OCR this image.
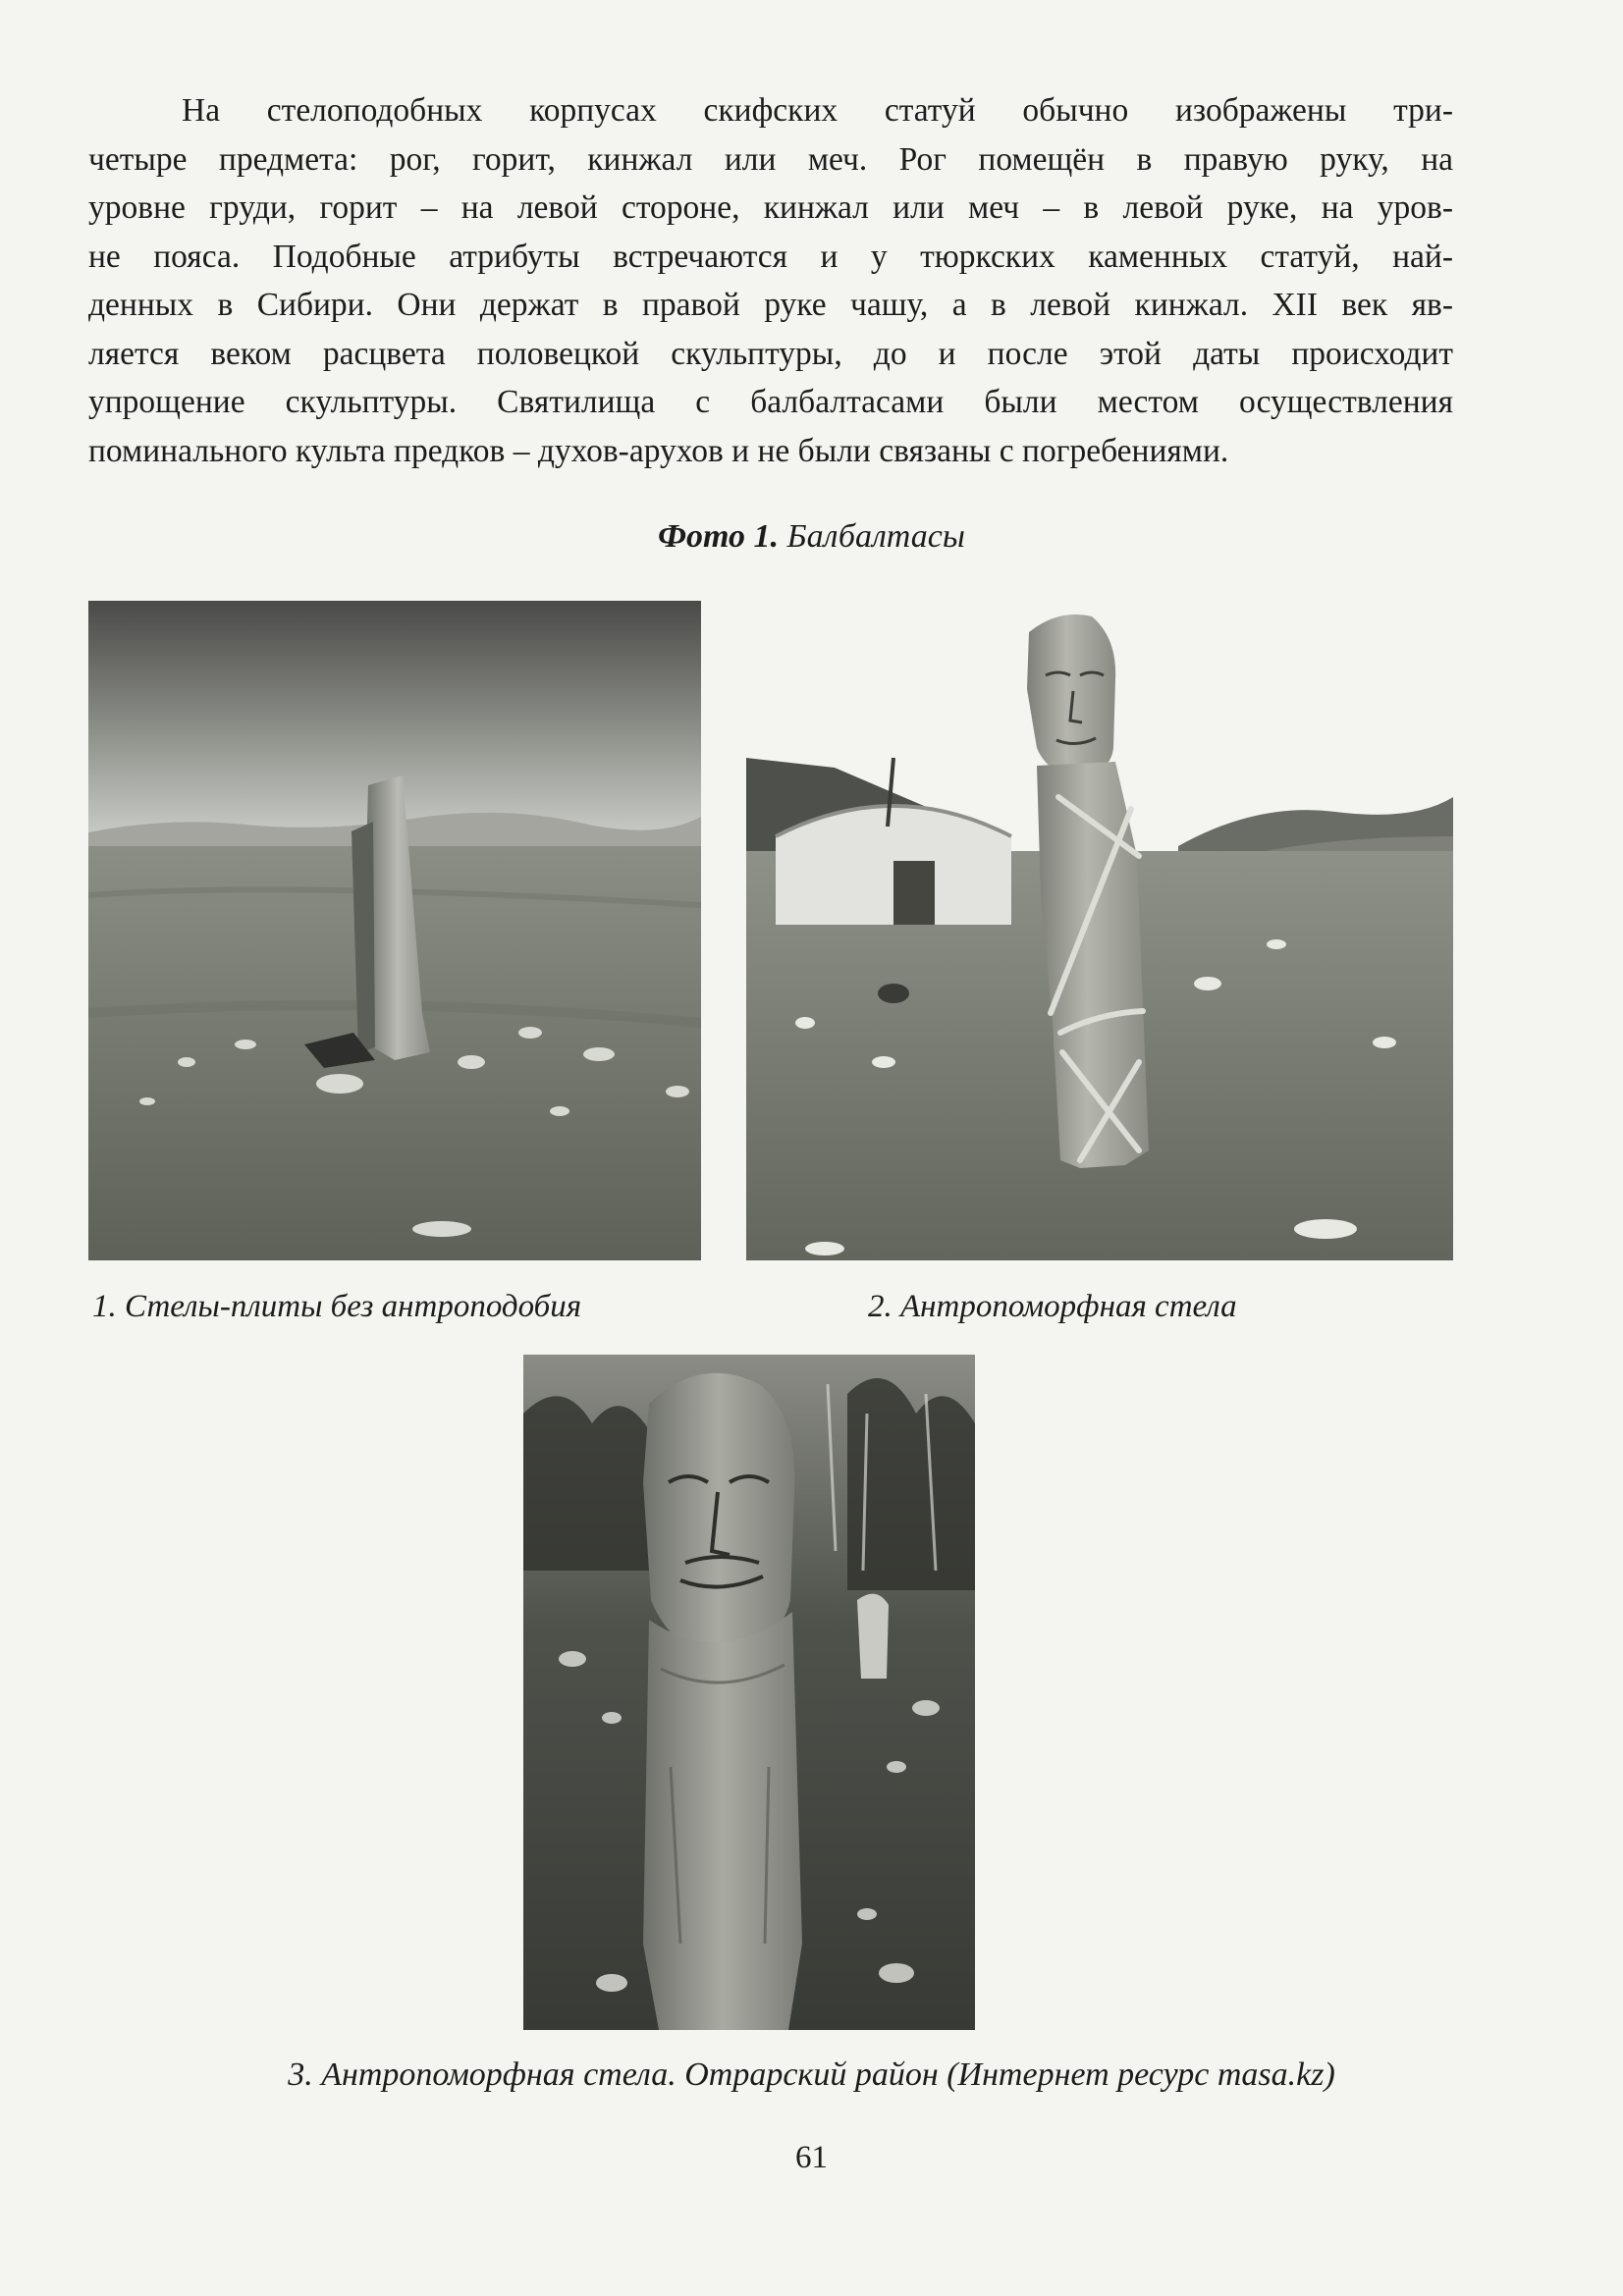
На стелоподобных корпусах скифских статуй обычно изображены три-
четыре предмета: рог, горит, кинжал или меч. Рог помещён в правую руку, на
уровне груди, горит – на левой стороне, кинжал или меч – в левой руке, на уров-
не пояса. Подобные атрибуты встречаются и у тюркских каменных статуй, най-
денных в Сибири. Они держат в правой руке чашу, а в левой кинжал. XII век яв-
ляется веком расцвета половецкой скульптуры, до и после этой даты происходит
упрощение скульптуры. Святилища с балбалтасами были местом осуществления
поминального культа предков – духов-арухов и не были связаны с погребениями.
Фото 1. Балбалтасы
1. Стелы-плиты без антроподобия	2. Антропоморфная стела
3. Антропоморфная стела. Отрарский район (Интернет ресурс masa.kz)
61
